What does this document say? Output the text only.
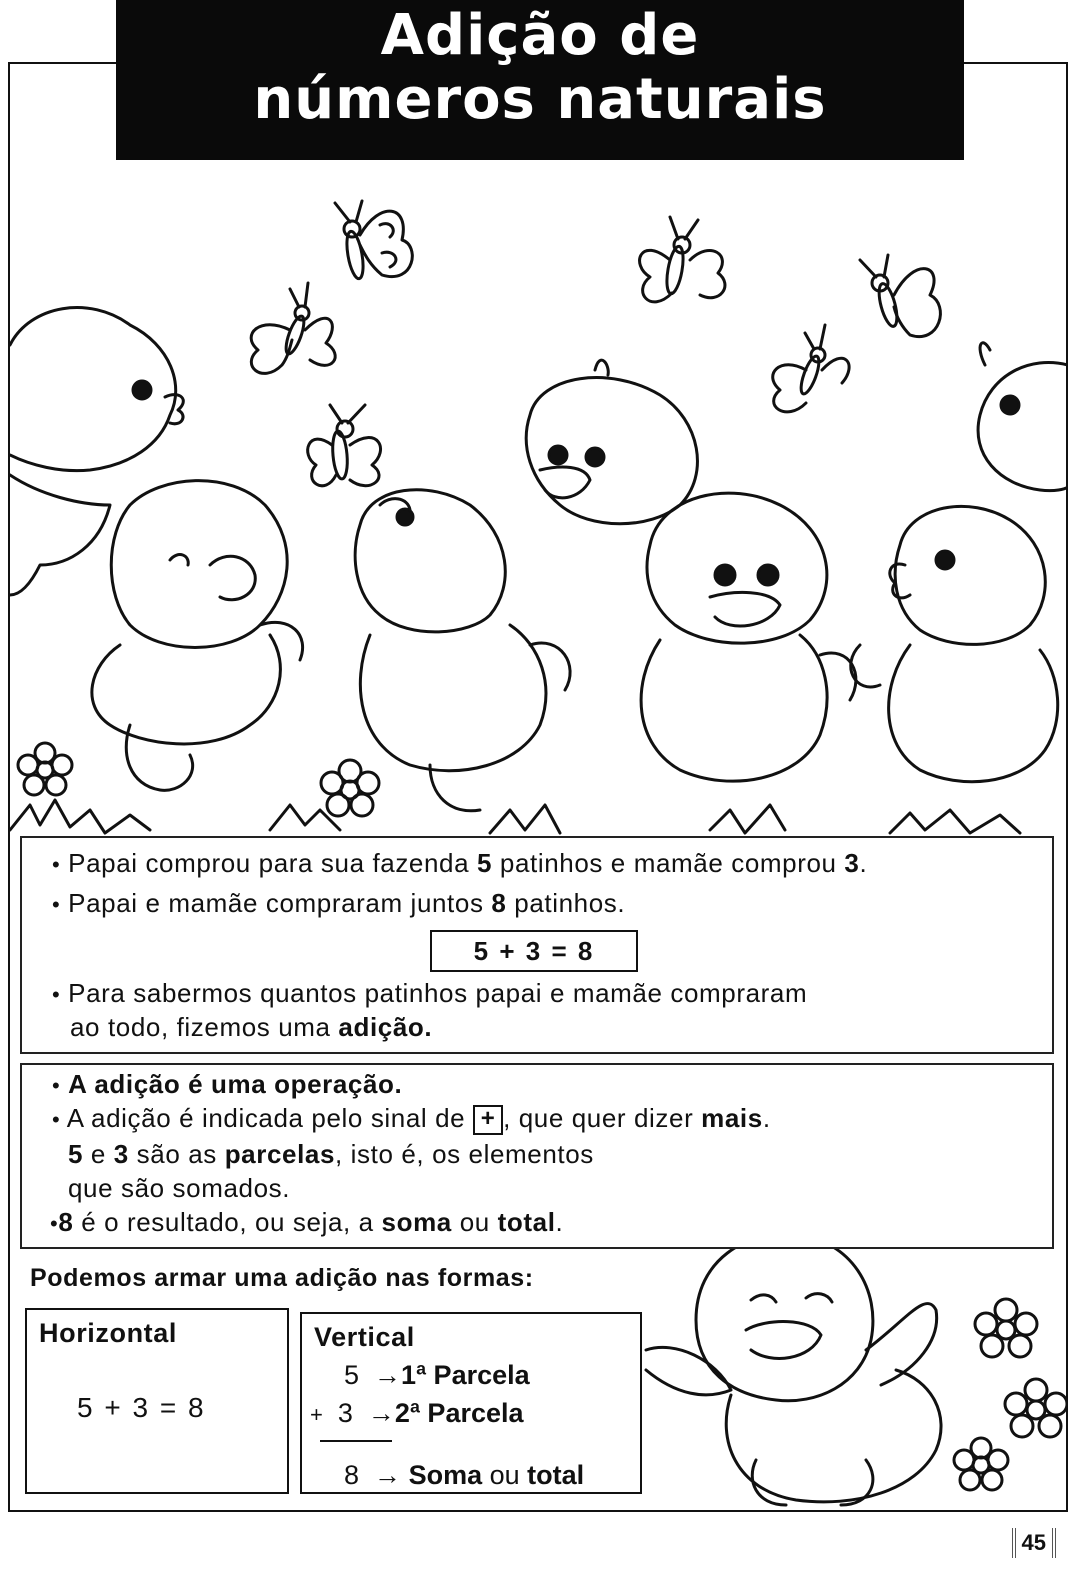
Adição de
números naturais
• Papai comprou para sua fazenda 5 patinhos e mamãe comprou 3.
• Papai e mamãe compraram juntos 8 patinhos.
5 + 3 = 8
• Para sabermos quantos patinhos papai e mamãe compraram
ao todo, fizemos uma adição.
• A adição é uma operação.
• A adição é indicada pelo sinal de + , que quer dizer mais.
5 e 3 são as parcelas, isto é, os elementos
que são somados.
•8 é o resultado, ou seja, a soma ou total.
Podemos armar uma adição nas formas:
Horizontal
5 + 3 = 8
Vertical
5 →1ª Parcela
+ 3 →2ª Parcela
8 → Soma ou total
45
